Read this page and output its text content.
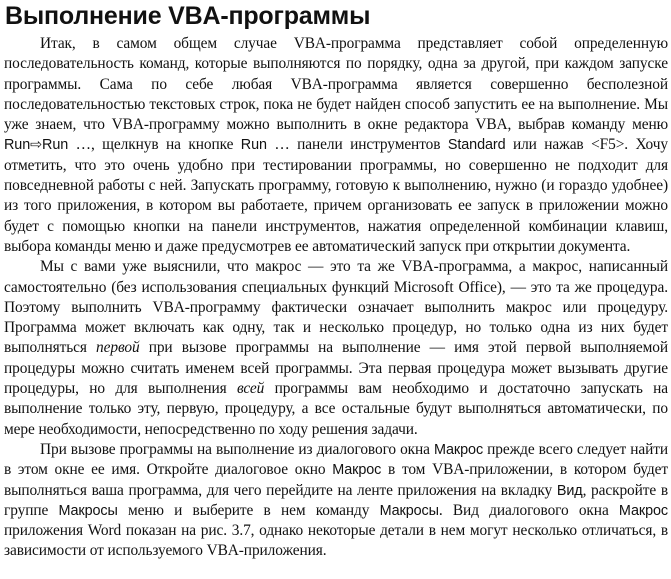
Выполнение VBA-программы

Итак, в самом общем случае VBA-программа представляет собой определенную последовательность команд, которые выполняются по порядку, одна за другой, при каждом запуске программы. Сама по себе любая VBA-программа является совершенно бесполезной последовательностью текстовых строк, пока не будет найден способ запустить ее на выполнение. Мы уже знаем, что VBA-программу можно выполнить в окне редактора VBA, выбрав команду меню Run⇨Run …, щелкнув на кнопке Run … панели инструментов Standard или нажав <F5>. Хочу отметить, что это очень удобно при тестировании программы, но совершенно не подходит для повседневной работы с ней. Запускать программу, готовую к выполнению, нужно (и гораздо удобнее) из того приложения, в котором вы работаете, причем организовать ее запуск в приложении можно будет с помощью кнопки на панели инструментов, нажатия определенной комбинации клавиш, выбора команды меню и даже предусмотрев ее автоматический запуск при открытии документа.

Мы с вами уже выяснили, что макрос — это та же VBA-программа, а макрос, написанный самостоятельно (без использования специальных функций Microsoft Office), — это та же процедура. Поэтому выполнить VBA-программу фактически означает выполнить макрос или процедуру. Программа может включать как одну, так и несколько процедур, но только одна из них будет выполняться первой при вызове программы на выполнение — имя этой первой выполняемой процедуры можно считать именем всей программы. Эта первая процедура может вызывать другие процедуры, но для выполнения всей программы вам необходимо и достаточно запускать на выполнение только эту, первую, процедуру, а все остальные будут выполняться автоматически, по мере необходимости, непосредственно по ходу решения задачи.

При вызове программы на выполнение из диалогового окна Макрос прежде всего следует найти в этом окне ее имя. Откройте диалоговое окно Макрос в том VBA-приложении, в котором будет выполняться ваша программа, для чего перейдите на ленте приложения на вкладку Вид, раскройте в группе Макросы меню и выберите в нем команду Макросы. Вид диалогового окна Макрос приложения Word показан на рис. 3.7, однако некоторые детали в нем могут несколько отличаться, в зависимости от используемого VBA-приложения.
